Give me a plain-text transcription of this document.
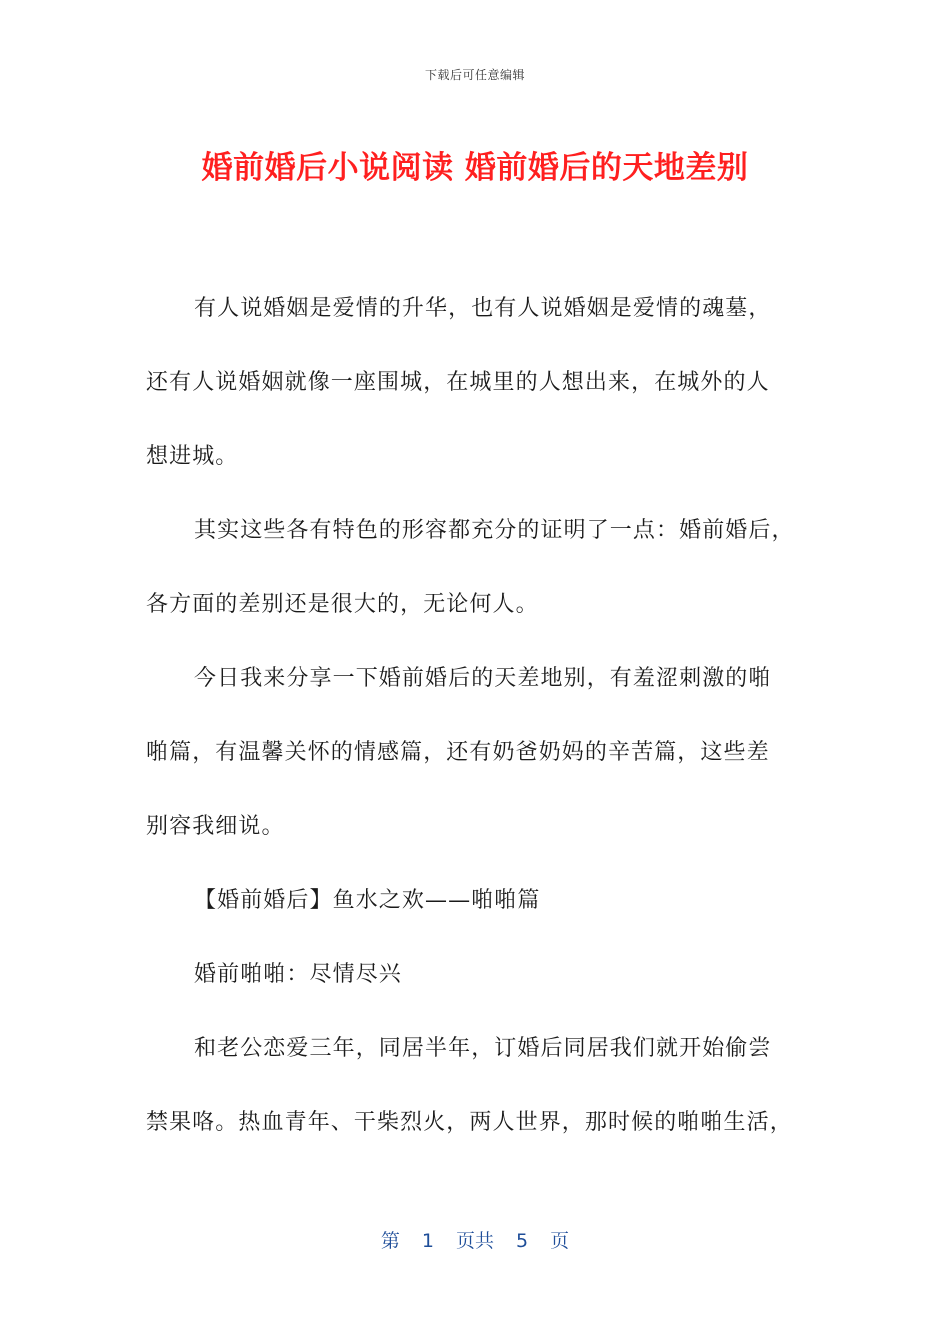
下载后可任意编辑
婚前婚后小说阅读 婚前婚后的天地差别

有人说婚姻是爱情的升华，也有人说婚姻是爱情的魂墓，
还有人说婚姻就像一座围城，在城里的人想出来，在城外的人
想进城。

其实这些各有特色的形容都充分的证明了一点：婚前婚后，
各方面的差别还是很大的，无论何人。

今日我来分享一下婚前婚后的天差地别，有羞涩刺激的啪
啪篇，有温馨关怀的情感篇，还有奶爸奶妈的辛苦篇，这些差
别容我细说。

【婚前婚后】鱼水之欢——啪啪篇

婚前啪啪：尽情尽兴

和老公恋爱三年，同居半年，订婚后同居我们就开始偷尝
禁果咯。热血青年、干柴烈火，两人世界，那时候的啪啪生活，

第 1 页共 5 页
